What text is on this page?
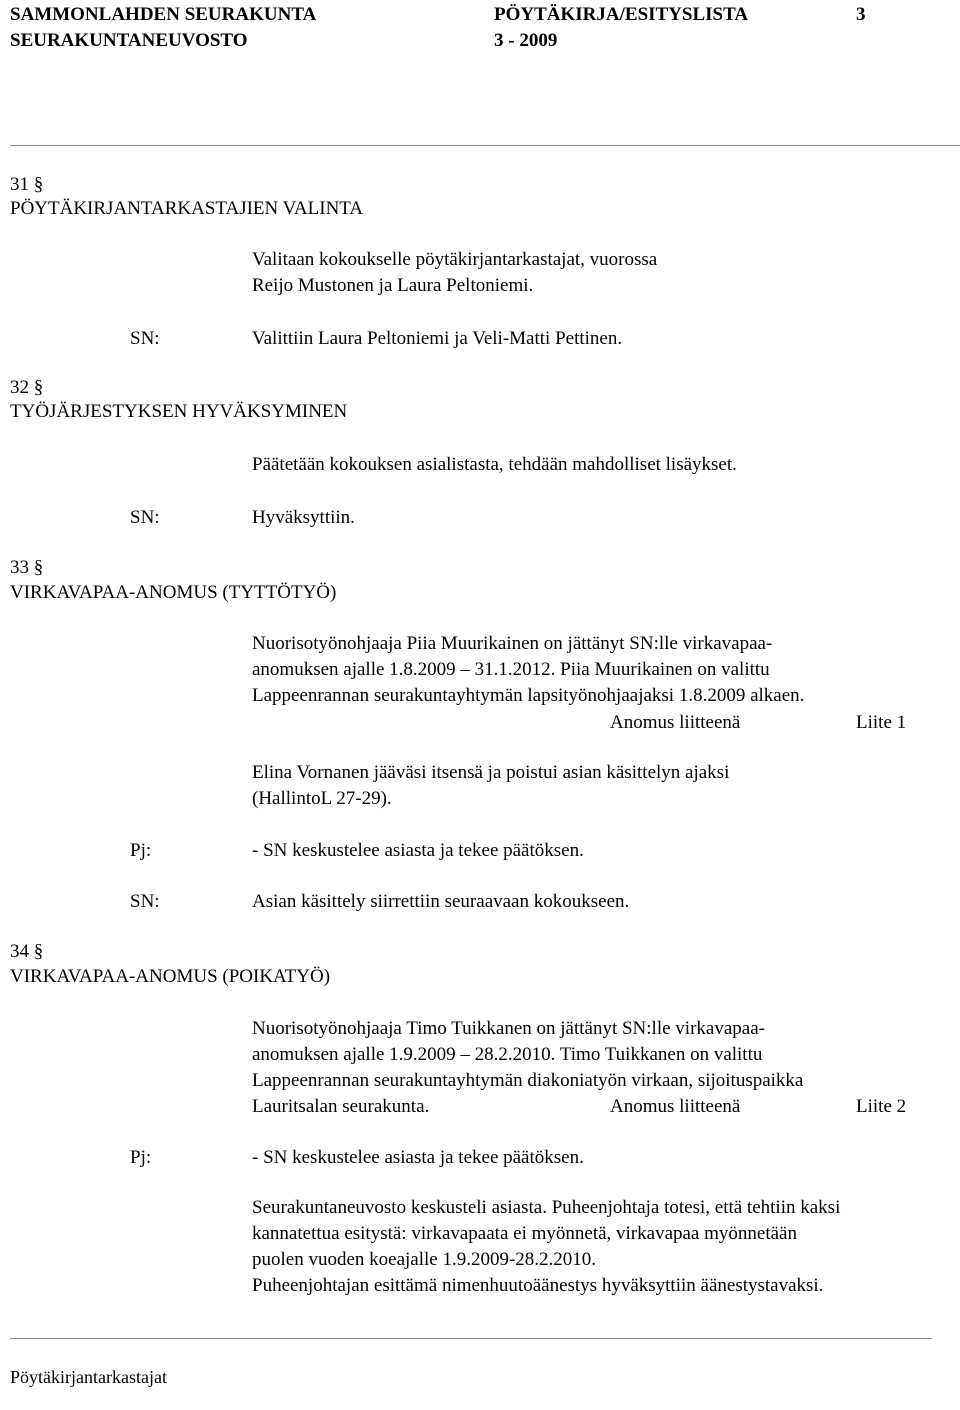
SAMMONLAHDEN SEURAKUNTA
SEURAKUNTANEUVOSTO
PÖYTÄKIRJA/ESITYSLISTA
3 - 2009
3
31 §
PÖYTÄKIRJANTARKASTAJIEN VALINTA
Valitaan kokoukselle pöytäkirjantarkastajat, vuorossa
Reijo Mustonen ja Laura Peltoniemi.
SN:	Valittiin Laura Peltoniemi ja Veli-Matti Pettinen.
32 §
TYÖJÄRJESTYKSEN HYVÄKSYMINEN
Päätetään kokouksen asialistasta, tehdään mahdolliset lisäykset.
SN:	Hyväksyttiin.
33 §
VIRKAVAPAA-ANOMUS (TYTTÖTYÖ)
Nuorisotyönohjaaja Piia Muurikainen on jättänyt SN:lle virkavapaa-
anomuksen ajalle 1.8.2009 – 31.1.2012. Piia Muurikainen on valittu
Lappeenrannan seurakuntayhtymän lapsityönohjaajaksi 1.8.2009 alkaen.
Anomus liitteenä	Liite 1
Elina Vornanen jääväsi itsensä ja poistui asian käsittelyn ajaksi
(HallintoL 27-29).
Pj:	- SN keskustelee asiasta ja tekee päätöksen.
SN:	Asian käsittely siirrettiin seuraavaan kokoukseen.
34 §
VIRKAVAPAA-ANOMUS (POIKATYÖ)
Nuorisotyönohjaaja Timo Tuikkanen on jättänyt SN:lle virkavapaa-
anomuksen ajalle 1.9.2009 – 28.2.2010. Timo Tuikkanen on valittu
Lappeenrannan seurakuntayhtymän diakoniatyön virkaan, sijoituspaikka
Lauritsalan seurakunta.	Anomus liitteenä	Liite 2
Pj:	- SN keskustelee asiasta ja tekee päätöksen.
Seurakuntaneuvosto keskusteli asiasta. Puheenjohtaja totesi, että tehtiin kaksi
kannatettua esitystä: virkavapaata ei myönnetä, virkavapaa myönnetään
puolen vuoden koeajalle 1.9.2009-28.2.2010.
Puheenjohtajan esittämä nimenhuutoäänestys hyväksyttiin äänestystavaksi.
Pöytäkirjantarkastajat
